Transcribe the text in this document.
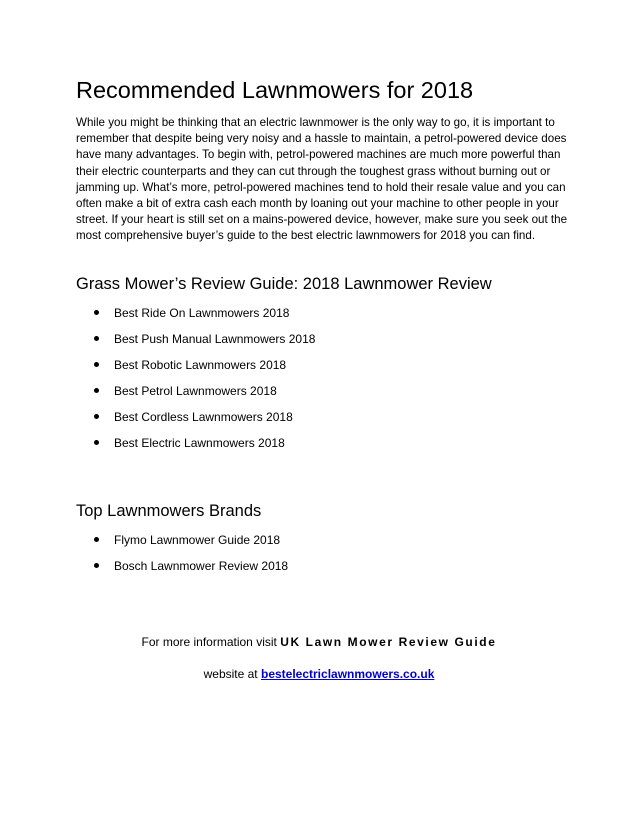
Recommended Lawnmowers for 2018

While you might be thinking that an electric lawnmower is the only way to go, it is important to
remember that despite being very noisy and a hassle to maintain, a petrol-powered device does
have many advantages. To begin with, petrol-powered machines are much more powerful than
their electric counterparts and they can cut through the toughest grass without burning out or
jamming up. What’s more, petrol-powered machines tend to hold their resale value and you can
often make a bit of extra cash each month by loaning out your machine to other people in your
street. If your heart is still set on a mains-powered device, however, make sure you seek out the
most comprehensive buyer’s guide to the best electric lawnmowers for 2018 you can find.

Grass Mower’s Review Guide: 2018 Lawnmower Review
Best Ride On Lawnmowers 2018
Best Push Manual Lawnmowers 2018
Best Robotic Lawnmowers 2018
Best Petrol Lawnmowers 2018
Best Cordless Lawnmowers 2018
Best Electric Lawnmowers 2018
Top Lawnmowers Brands
Flymo Lawnmower Guide 2018
Bosch Lawnmower Review 2018
For more information visit UK Lawn Mower Review Guide
website at bestelectriclawnmowers.co.uk
